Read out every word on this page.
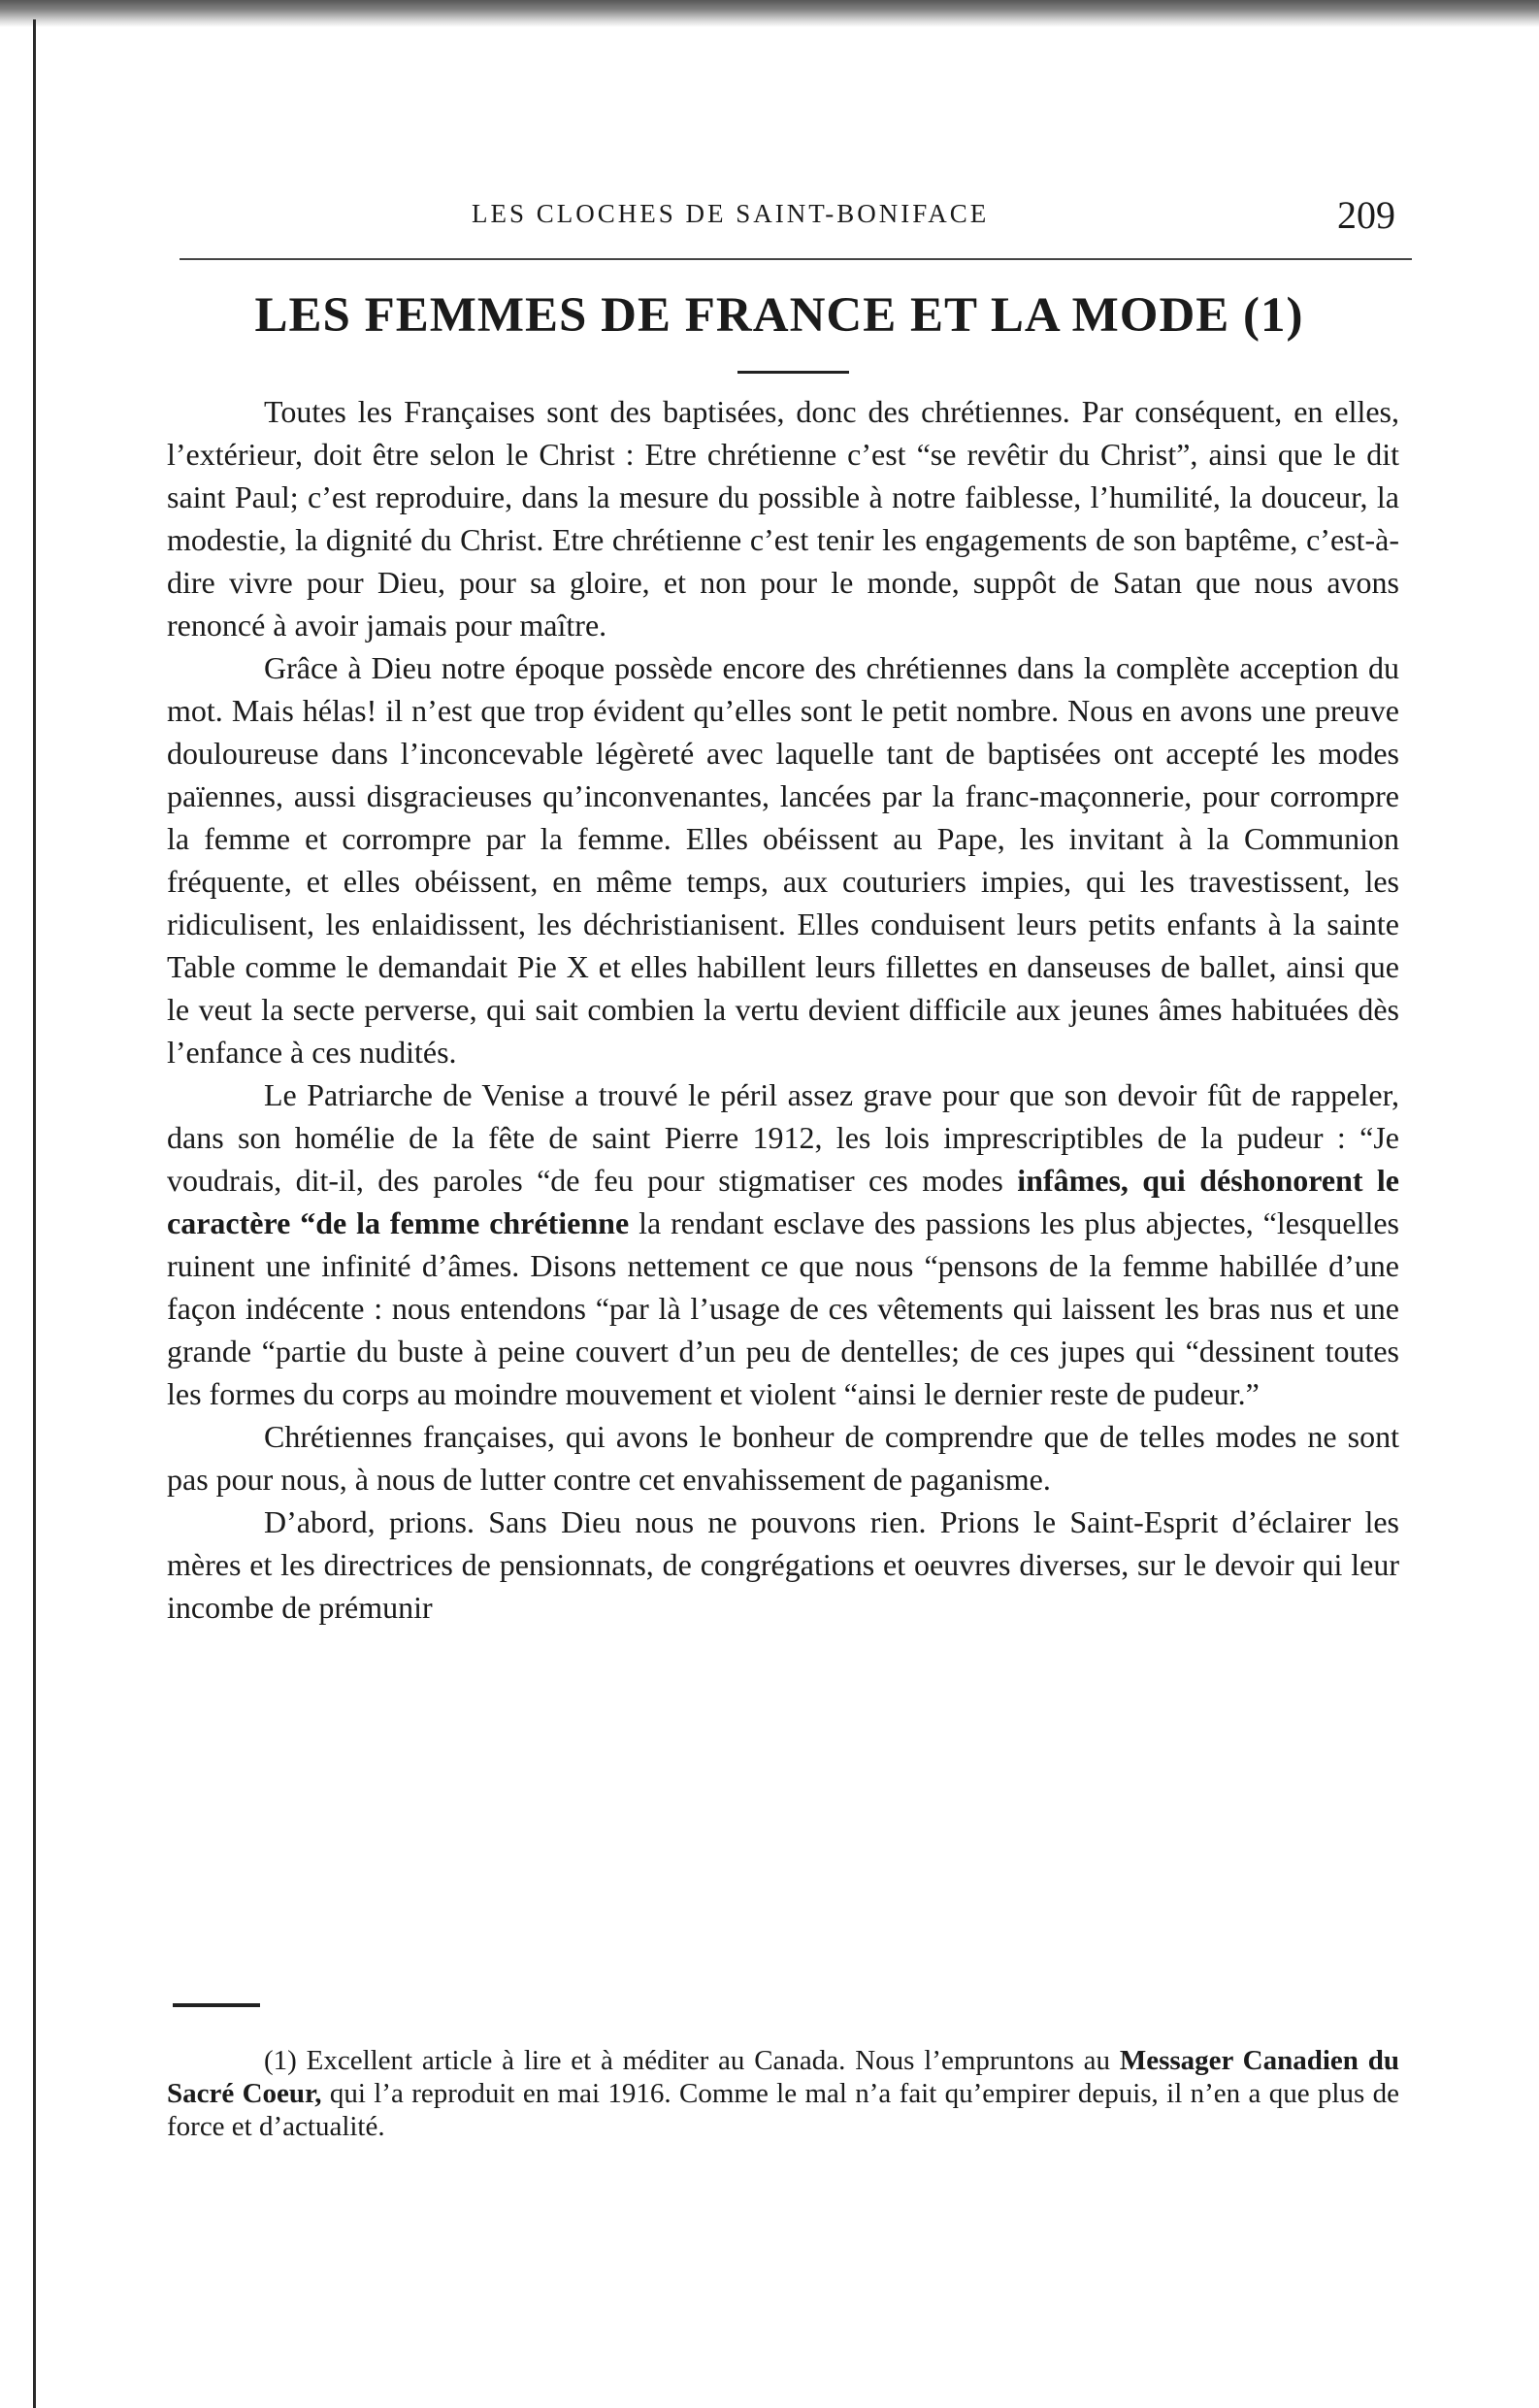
LES CLOCHES DE SAINT-BONIFACE	209
LES FEMMES DE FRANCE ET LA MODE (1)

Toutes les Françaises sont des baptisées, donc des chrétiennes. Par conséquent, en elles, l’extérieur, doit être selon le Christ : Etre chrétienne c’est “se revêtir du Christ”, ainsi que le dit saint Paul; c’est reproduire, dans la mesure du possible à notre faiblesse, l’humilité, la douceur, la modestie, la dignité du Christ. Etre chrétienne c’est tenir les engagements de son baptême, c’est-à-dire vivre pour Dieu, pour sa gloire, et non pour le monde, suppôt de Satan que nous avons renoncé à avoir jamais pour maître.

Grâce à Dieu notre époque possède encore des chrétiennes dans la complète acception du mot. Mais hélas! il n’est que trop évident qu’elles sont le petit nombre. Nous en avons une preuve douloureuse dans l’inconcevable légèreté avec laquelle tant de baptisées ont accepté les modes païennes, aussi disgracieuses qu’inconvenantes, lancées par la franc-maçonnerie, pour corrompre la femme et corrompre par la femme. Elles obéissent au Pape, les invitant à la Communion fréquente, et elles obéissent, en même temps, aux couturiers impies, qui les travestissent, les ridiculisent, les enlaidissent, les déchristianisent. Elles conduisent leurs petits enfants à la sainte Table comme le demandait Pie X et elles habillent leurs fillettes en danseuses de ballet, ainsi que le veut la secte perverse, qui sait combien la vertu devient difficile aux jeunes âmes habituées dès l’enfance à ces nudités.

Le Patriarche de Venise a trouvé le péril assez grave pour que son devoir fût de rappeler, dans son homélie de la fête de saint Pierre 1912, les lois imprescriptibles de la pudeur : “Je voudrais, dit-il, des paroles “de feu pour stigmatiser ces modes infâmes, qui déshonorent le caractère “de la femme chrétienne la rendant esclave des passions les plus abjectes, “lesquelles ruinent une infinité d’âmes. Disons nettement ce que nous “pensons de la femme habillée d’une façon indécente : nous entendons “par là l’usage de ces vêtements qui laissent les bras nus et une grande “partie du buste à peine couvert d’un peu de dentelles; de ces jupes qui “dessinent toutes les formes du corps au moindre mouvement et violent “ainsi le dernier reste de pudeur.”

Chrétiennes françaises, qui avons le bonheur de comprendre que de telles modes ne sont pas pour nous, à nous de lutter contre cet envahissement de paganisme.

D’abord, prions. Sans Dieu nous ne pouvons rien. Prions le Saint-Esprit d’éclairer les mères et les directrices de pensionnats, de congrégations et oeuvres diverses, sur le devoir qui leur incombe de prémunir

(1) Excellent article à lire et à méditer au Canada. Nous l’empruntons au Messager Canadien du Sacré Coeur, qui l’a reproduit en mai 1916. Comme le mal n’a fait qu’empirer depuis, il n’en a que plus de force et d’actualité.
